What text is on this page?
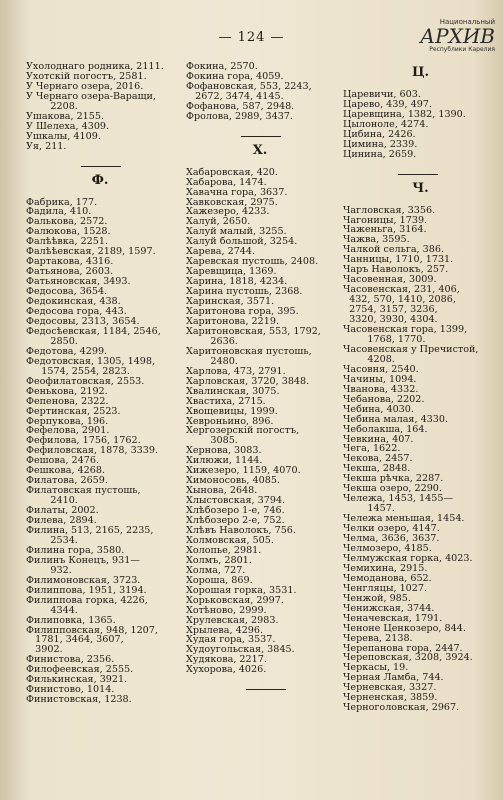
— 124 —
Национальный
АРХИВ
Республики Карелия
Ухолоднаго родника, 2111.
Ухотскій погостъ, 2581.
У Чернаго озера, 2016.
У Чернаго озера-Варащи,
2208.
Ушакова, 2155.
У Шелеха, 4309.
Ушкалы, 4109.
Уя, 211.
Ф.
Фабрика, 177.
Фадила, 410.
Фалькова, 2572.
Фалюкова, 1528.
Фалѣѣвка, 2251.
Фалѣѣевская, 2189, 1597.
Фартакова, 4316.
Фатьянова, 2603.
Фатьяновская, 3493.
Федосова, 3654.
Федокинская, 438.
Федосова гора, 443.
Федосовы, 2313, 3654.
Федосѣевская, 1184, 2546,
2850.
Федотова, 4299.
Федотовская, 1305, 1498,
1574, 2554, 2823.
Феофилатовская, 2553.
Фенькова, 2192.
Фепенова, 2322.
Фертинская, 2523.
Ферпукова, 196.
Фефелова, 2901.
Фефилова, 1756, 1762.
Фефиловская, 1878, 3339.
Фешова, 2476.
Фешкова, 4268.
Филатова, 2659.
Филатовская пустошь,
2410.
Филаты, 2002.
Филева, 2894.
Филина, 513, 2165, 2235,
2534.
Филина гора, 3580.
Филинъ Конецъ, 931—
932.
Филимоновская, 3723.
Филиппова, 1951, 3194.
Филиппова горка, 4226,
4344.
Филиповка, 1365.
Филипповская, 948, 1207,
1781, 3464, 3607,
3902.
Финистова, 2356.
Филофеевская, 2555.
Филькинская, 3921.
Финистово, 1014.
Финистовская, 1238.
Фокина, 2570.
Фокина гора, 4059.
Фофановская, 553, 2243,
2672, 3474, 4145.
Фофанова, 587, 2948.
Фролова, 2989, 3437.
Х.
Хабаровская, 420.
Хабарова, 1474.
Хавачна гора, 3637.
Хавковская, 2975.
Хажезеро, 4233.
Халуй, 2650.
Халуй малый, 3255.
Халуй большой, 3254.
Харева, 2744.
Харевская пустошь, 2408.
Харевщица, 1369.
Харина, 1818, 4234.
Харина пустошь, 2368.
Харинская, 3571.
Харитонова гора, 395.
Харитонова, 2219.
Харитоновская, 553, 1792,
2636.
Харитоновская пустошь,
2480.
Харлова, 473, 2791.
Харловская, 3720, 3848.
Хвалинская, 3075.
Хвастиха, 2715.
Хвощевицы, 1999.
Хевроньино, 896.
Хергозерскій погостъ,
3085.
Хернова, 3083.
Хилюжи, 1144.
Хижезеро, 1159, 4070.
Химоносовь, 4085.
Хынова, 2648.
Хлыстовская, 3794.
Хлѣбозеро 1-е, 746.
Хлѣбозеро 2-е, 752.
Хлѣвъ Наволокъ, 756.
Холмовская, 505.
Холопье, 2981.
Холмъ, 2801.
Холма, 727.
Хороша, 869.
Хорошая горка, 3531.
Хорьковская, 2997.
Хотѣново, 2999.
Хрулевская, 2983.
Хрылева, 4296.
Худая гора, 3537.
Худоугольская, 3845.
Худякова, 2217.
Хухорова, 4026.
Ц.
Царевичи, 603.
Царево, 439, 497.
Царевщина, 1382, 1390.
Цылоноле, 4274.
Цибина, 2426.
Цимина, 2339.
Цинина, 2659.
Ч.
Чагловская, 3356.
Чагоницы, 1739.
Чаженьга, 3164.
Чажва, 3595.
Чалкой сельга, 386.
Чанницы, 1710, 1731.
Чаръ Наволокъ, 257.
Часовенная, 3009.
Часовенская, 231, 406,
432, 570, 1410, 2086,
2754, 3157, 3236,
3320, 3930, 4304.
Часовенская гора, 1399,
1768, 1770.
Часовенская у Пречистой,
4208.
Часовня, 2540.
Чачины, 1094.
Чванова, 4332.
Чебанова, 2202.
Чебина, 4030.
Чебина малая, 4330.
Чеболакша, 164.
Чевкина, 407.
Чега, 1622.
Чекова, 2457.
Чекша, 2848.
Чекша рѣчка, 2287.
Чекша озеро, 2290.
Чележа, 1453, 1455—
1457.
Чележа меньшая, 1454.
Челки озеро, 4147.
Челма, 3636, 3637.
Челмозеро, 4185.
Челмужская горка, 4023.
Чемихина, 2915.
Чемоданова, 652.
Ченгляцы, 1027.
Ченжой, 985.
Ченижская, 3744.
Ченачевская, 1791.
Ченоне Ценкозеро, 844.
Черева, 2138.
Черепанова гора, 2447.
Череповская, 3208, 3924.
Черкасы, 19.
Черная Ламба, 744.
Черневская, 3327.
Черненская, 3859.
Черноголовская, 2967.
